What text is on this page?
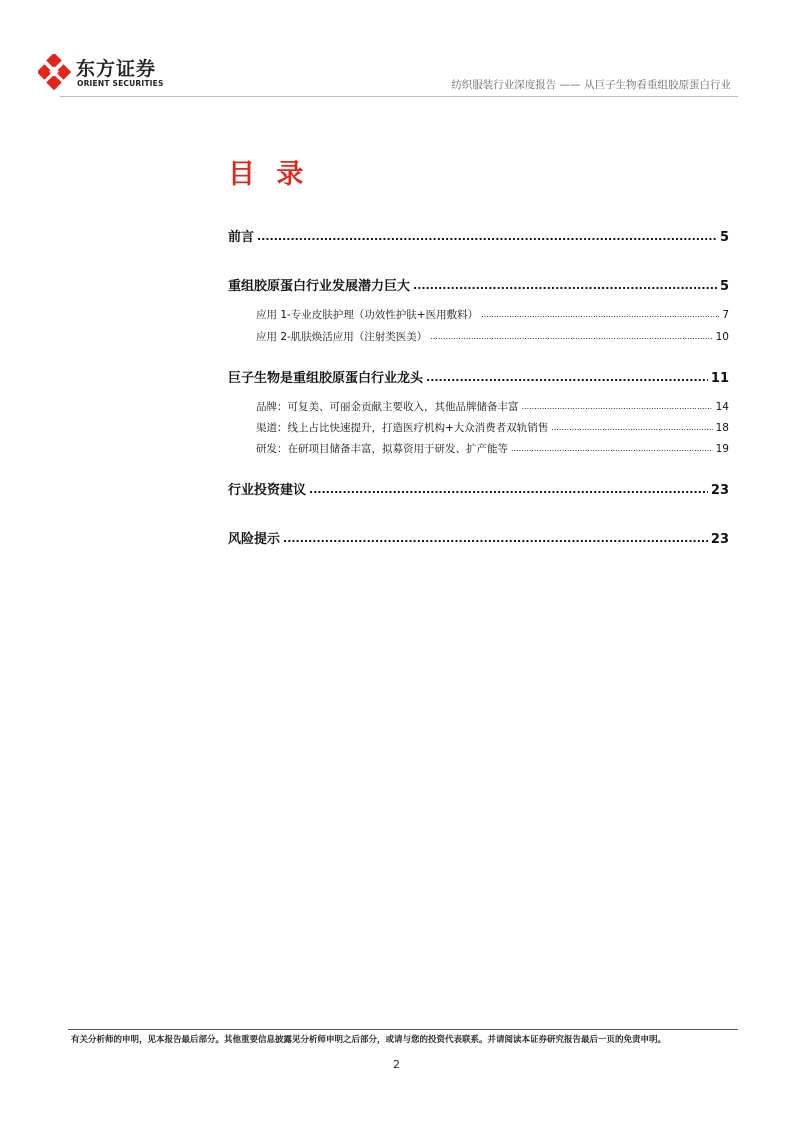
东方证券
ORIENT SECURITIES	纺织服装行业深度报告 —— 从巨子生物看重组胶原蛋白行业
目 录
前言 .....	5
重组胶原蛋白行业发展潜力巨大 .....	5
应用 1-专业皮肤护理（功效性护肤+医用敷料） .....	7
应用 2-肌肤焕活应用（注射类医美） .....	10
巨子生物是重组胶原蛋白行业龙头 .....	11
品牌：可复美、可丽金贡献主要收入，其他品牌储备丰富 .....	14
渠道：线上占比快速提升，打造医疗机构+大众消费者双轨销售 .....	18
研发：在研项目储备丰富，拟募资用于研发、扩产能等 .....	19
行业投资建议 .....	23
风险提示 .....	23
有关分析师的申明，见本报告最后部分。其他重要信息披露见分析师申明之后部分，或请与您的投资代表联系。并请阅读本证券研究报告最后一页的免责申明。
2
